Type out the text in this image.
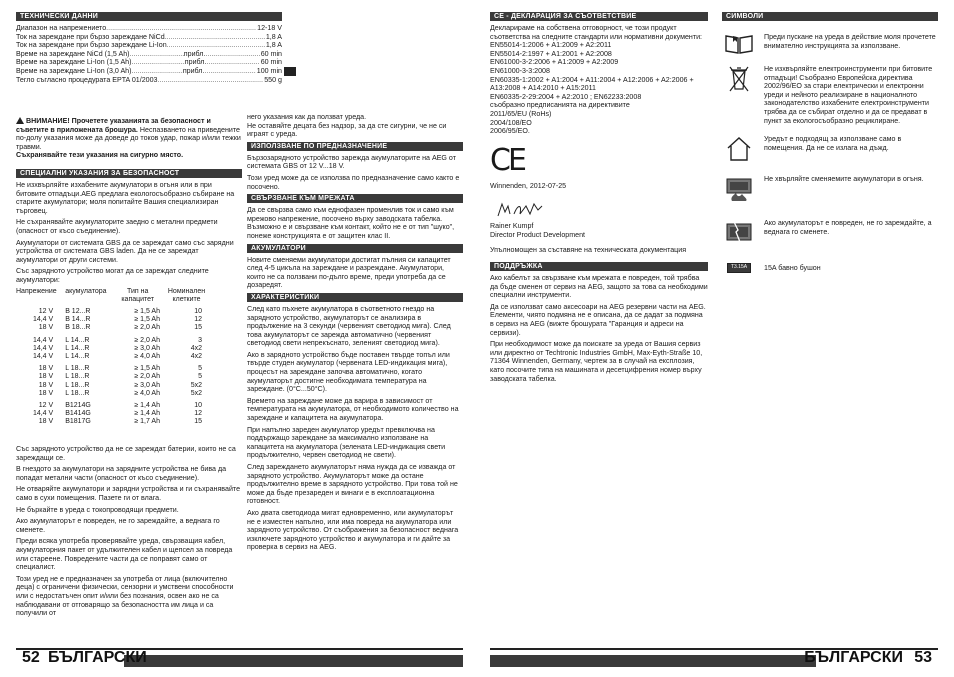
ТЕХНИЧЕСКИ ДАННИ
Диапазон на напрежението .....	12-18 V
Ток на зареждане при бързо зареждане NiCd .....	1,8 A
Ток на зареждане при бързо зареждане Li-Ion .....	1,8 A
Време на зареждане NiCd (1,5 Ah) .....	прибл. .....	60 min
Време на зареждане Li-Ion (1,5 Ah) .....	прибл. .....	60 min
Време на зареждане Li-Ion (3,0 Ah) .....	прибл. .....	100 min
Тегло съгласно процедурата EPTA 01/2003 .....	550 g

ВНИМАНИЕ! Прочетете указанията за безопасност и съветите в приложената брошура. Неспазването на приведените по-долу указания може да доведе до токов удар, пожар и/или тежки травми.
Съхранявайте тези указания на сигурно място.

СПЕЦИАЛНИ УКАЗАНИЯ ЗА БЕЗОПАСНОСТ

Не изхвърляйте изхабените акумулатори в огъня или в при битовите отпадъци.AEG предлага екологосъобразно събиране на старите акумулатори; моля попитайте Вашия специализиран търговец.

Не съхранявайте акумулаторите заедно с метални предмети (опасност от късо съединение).

Акумулатори от системата GBS да се зареждат само със зарядни устройства от системата GBS laden. Да не се зареждат акумулатори от други системи.

Със зарядното устройство могат да се зареждат следните акумулатори:

Напрежение	акумулатора	Тип на капацитет	Номинален клетките

12 V	B 12...R	≥ 1,5 Ah	10
14,4 V	B 14...R	≥ 1,5 Ah	12
18 V	B 18...R	≥ 2,0 Ah	15

14,4 V	L 14...R	≥ 2,0 Ah	3
14,4 V	L 14...R	≥ 3,0 Ah	4x2
14,4 V	L 14...R	≥ 4,0 Ah	4x2

18 V	L 18...R	≥ 1,5 Ah	5
18 V	L 18...R	≥ 2,0 Ah	5
18 V	L 18...R	≥ 3,0 Ah	5x2
18 V	L 18...R	≥ 4,0 Ah	5x2

12 V	B1214G	≥ 1,4 Ah	10
14,4 V	B1414G	≥ 1,4 Ah	12
18 V	B1817G	≥ 1,7 Ah	15

Със зарядното устройство да не се зареждат батерии, които не са зареждащи се.

В гнездото за акумулатори на зарядните устройства не бива да попадат метални части (опасност от късо съединение).

Не отваряйте акумулатори и зарядни устройства и ги съхранявайте само в сухи помещения. Пазете ги от влага.

Не бъркайте в уреда с токопроводящи предмети.

Ако акумулаторът е повреден, не го зареждайте, а веднага го сменете.

Преди всяка употреба проверявайте уреда, свързващия кабел, акумулаторния пакет от удължителен кабел и щепсел за повреда или стареене. Повредените части да се поправят само от специалист.

Този уред не е предназначен за употреба от лица (включително деца) с ограничени физически, сензорни и умствени способности или с недостатъчен опит и/или без познания, освен ако не са наблюдавани от отговарящо за безопасността им лица и са получили от

него указания как да ползват уреда.

Не оставяйте децата без надзор, за да сте сигурни, че не си играят с уреда.

ИЗПОЛЗВАНЕ ПО ПРЕДНАЗНАЧЕНИЕ

Бързозарядното устройство зарежда акумулаторите на AEG от системата GBS от 12 V...18 V.

Този уред може да се използва по предназначение само както е посочено.

СВЪРЗВАНЕ КЪМ МРЕЖАТА

Да се свързва само към еднофазен променлив ток и само към мрежово напрежение, посочено върху заводската табелка. Възможно е и свързване към контакт, който не е от тип "шуко", понеже конструкцията е от защитен клас II.

АКУМУЛАТОРИ

Новите сменяеми акумулатори достигат пълния си капацитет след 4-5 цикъла на зареждане и разреждане. Акумулатори, които не са ползвани по-дълго време, преди употреба да се дозаредят.

ХАРАКТЕРИСТИКИ

След като пъхнете акумулатора в съответното гнездо на зарядното устройство, акумулаторът се анализира в продължение на 3 секунди (червеният светодиод мига). След това акумулаторът се зарежда автоматично (червеният светодиод свети непрекъснато, зеленият светодиод мига).

Ако в зарядното устройство бъде поставен твърде топъл или твърде студен акумулатор (червената LED-индикация мига), процесът на зареждане започва автоматично, когато акумулаторът достигне необходимата температура на зареждане. (0°C...50°C).

Времето на зареждане може да варира в зависимост от температурата на акумулатора, от необходимото количество на зареждане и капацитета на акумулатора.

При напълно зареден акумулатор уредът превключва на поддържащо зареждане за максимално използване на капацитета на акумулатора (зелената LED-индикация свети продължително, червен светодиод не свети).

След зареждането акумулаторът няма нужда да се изважда от зарядното устройство. Акумулаторът може да остане продължително време в зарядното устройство. При това той не може да бъде презареден и винаги е в експлоатационна готовност.

Ако двата светодиода мигат едновременно, или акумулаторът не е изместен напълно, или има повреда на акумулатора или зарядното устройство. От съображения за безопасност веднага изключете зарядното устройство и акумулатора и ги дайте за проверка в сервиз на AEG.

CE - ДЕКЛАРАЦИЯ ЗА СЪОТВЕТСТВИЕ

Декларираме на собствена отговорност, че този продукт съответства на следните стандарти или нормативни документи:

EN55014-1:2006 + A1:2009 + A2:2011
EN55014-2:1997 + A1:2001 + A2:2008
EN61000-3-2:2006 + A1:2009 + A2:2009
EN61000-3-3:2008
EN60335-1:2002 + A1:2004 + A11:2004 + A12:2006 + A2:2006 + A13:2008 + A14:2010 + A15:2011
EN60335-2-29:2004 + A2:2010 ; EN62233:2008
съобразно предписанията на директивите
2011/65/EU (RoHs)
2004/108/EO
2006/95/EO.
CE

Winnenden, 2012-07-25

Rainer Kumpf

Director Product Development

Упълномощен за съставяне на техническата документация

ПОДДРЪЖКА

Ако кабелът за свързване към мрежата е повреден, той трябва да бъде сменен от сервиз на AEG, защото за това са необходими специални инструменти.

Да се използват само аксесоари на AEG резервни части на AEG. Елементи, чиято подмяна не е описана, да се дадат за подмяна в сервиз на AEG (вижте брошурата "Гаранция и адреси на сервизи).

При необходимост може да поискате за уреда от Вашия сервиз или директно от Techtronic Industries GmbH, Max-Eyth-Straße 10, 71364 Winnenden, Germany, чертеж за в случай на експлозия, като посочите типа на машината и десетцифрения номер върху заводската табелка.

СИМВОЛИ
Преди пускане на уреда в действие моля прочетете внимателно инструкцията за използване.
Не изхвърляйте електроинструменти при битовите отпадъци! Съобразно Европейска директива 2002/96/EO за стари електрически и електронни уреди и нейното реализиране в националното законодателство изхабените електроинструменти трябва да се събират отделно и да се предават в пункт за екологосъобразно рециклиране.
Уредът е подходящ за използване само в помещения. Да не се излага на дъжд.
Не хвърляйте сменяемите акумулатори в огъня.
Ако акумулаторът е повреден, не го зареждайте, а веднага го сменете.
T3.15A	15A бавно бушон
52 БЪЛГАРСКИ	БЪЛГАРСКИ 53
